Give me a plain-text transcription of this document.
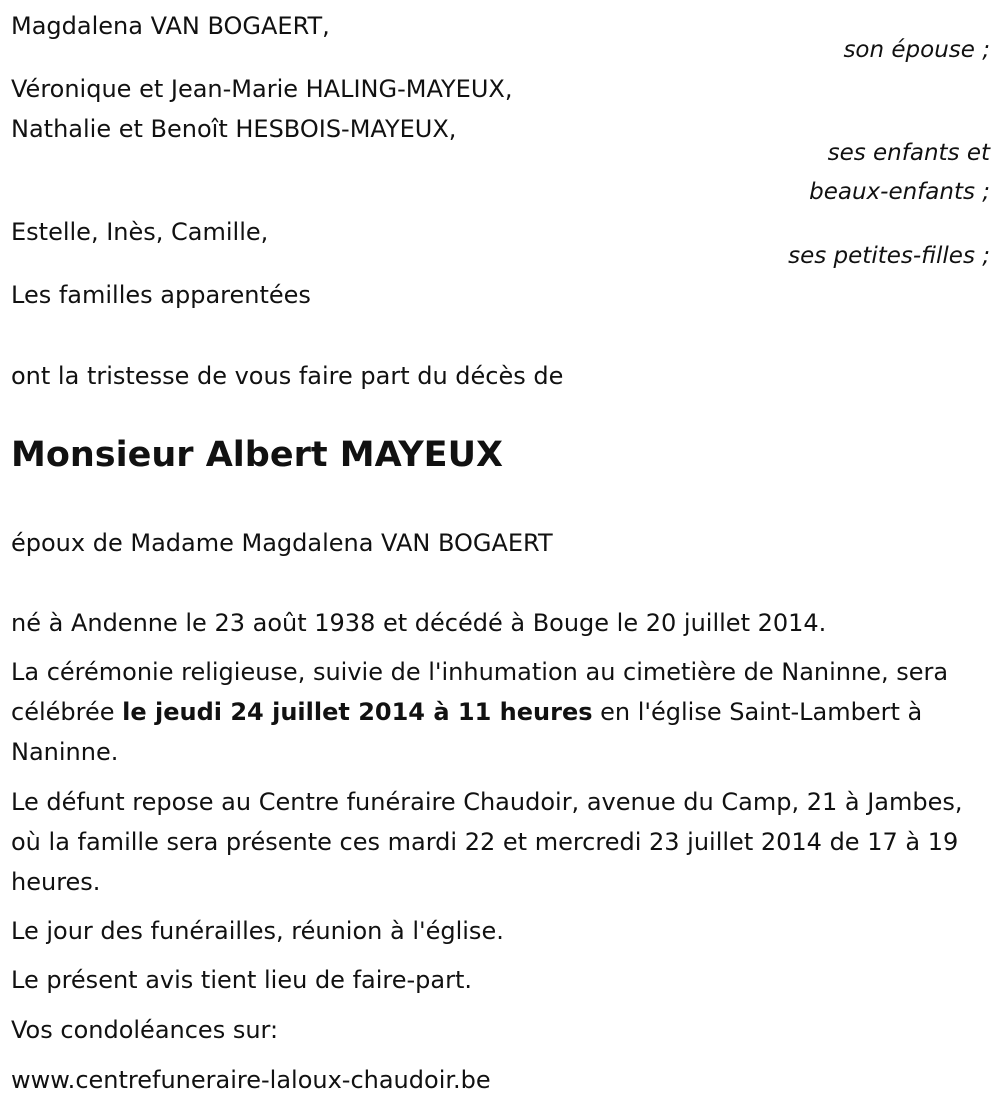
Magdalena VAN BOGAERT,
son épouse ;
Véronique et Jean-Marie HALING-MAYEUX,
Nathalie et Benoît HESBOIS-MAYEUX,
ses enfants et
beaux-enfants ;
Estelle, Inès, Camille,
ses petites-filles ;
Les familles apparentées
ont la tristesse de vous faire part du décès de
Monsieur Albert MAYEUX
époux de Madame Magdalena VAN BOGAERT
né à Andenne le 23 août 1938 et décédé à Bouge le 20 juillet 2014.
La cérémonie religieuse, suivie de l'inhumation au cimetière de Naninne, sera célébrée le jeudi 24 juillet 2014 à 11 heures en l'église Saint-Lambert à Naninne.
Le défunt repose au Centre funéraire Chaudoir, avenue du Camp, 21 à Jambes, où la famille sera présente ces mardi 22 et mercredi 23 juillet 2014 de 17 à 19 heures.
Le jour des funérailles, réunion à l'église.
Le présent avis tient lieu de faire-part.
Vos condoléances sur:
www.centrefuneraire-laloux-chaudoir.be
